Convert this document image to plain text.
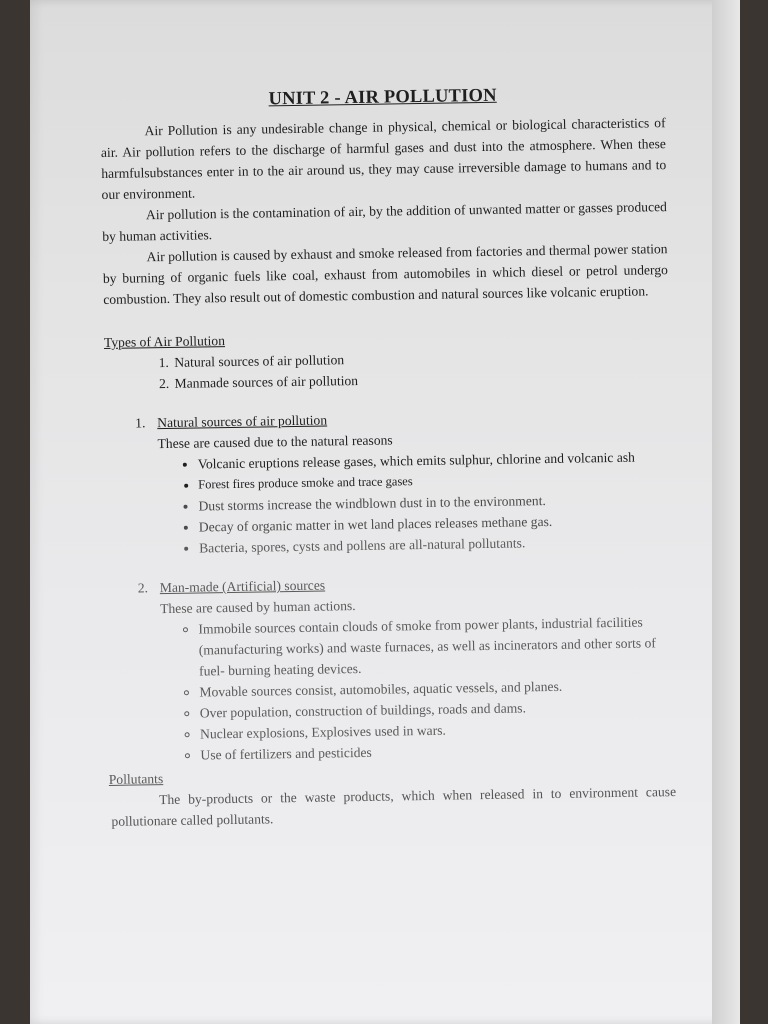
UNIT 2 - AIR POLLUTION

Air Pollution is any undesirable change in physical, chemical or biological characteristics of air. Air pollution refers to the discharge of harmful gases and dust into the atmosphere. When these harmfulsubstances enter in to the air around us, they may cause irreversible damage to humans and to our environment.

Air pollution is the contamination of air, by the addition of unwanted matter or gasses produced by human activities.

Air pollution is caused by exhaust and smoke released from factories and thermal power station by burning of organic fuels like coal, exhaust from automobiles in which diesel or petrol undergo combustion. They also result out of domestic combustion and natural sources like volcanic eruption.

Types of Air Pollution
1. Natural sources of air pollution
2. Manmade sources of air pollution
1. Natural sources of air pollution
These are caused due to the natural reasons
• Volcanic eruptions release gases, which emits sulphur, chlorine and volcanic ash
• Forest fires produce smoke and trace gases
• Dust storms increase the windblown dust in to the environment.
• Decay of organic matter in wet land places releases methane gas.
• Bacteria, spores, cysts and pollens are all-natural pollutants.
2. Man-made (Artificial) sources
These are caused by human actions.
◦ Immobile sources contain clouds of smoke from power plants, industrial facilities (manufacturing works) and waste furnaces, as well as incinerators and other sorts of fuel- burning heating devices.
◦ Movable sources consist, automobiles, aquatic vessels, and planes.
◦ Over population, construction of buildings, roads and dams.
◦ Nuclear explosions, Explosives used in wars.
◦ Use of fertilizers and pesticides
Pollutants

The by-products or the waste products, which when released in to environment cause pollutionare called pollutants.
